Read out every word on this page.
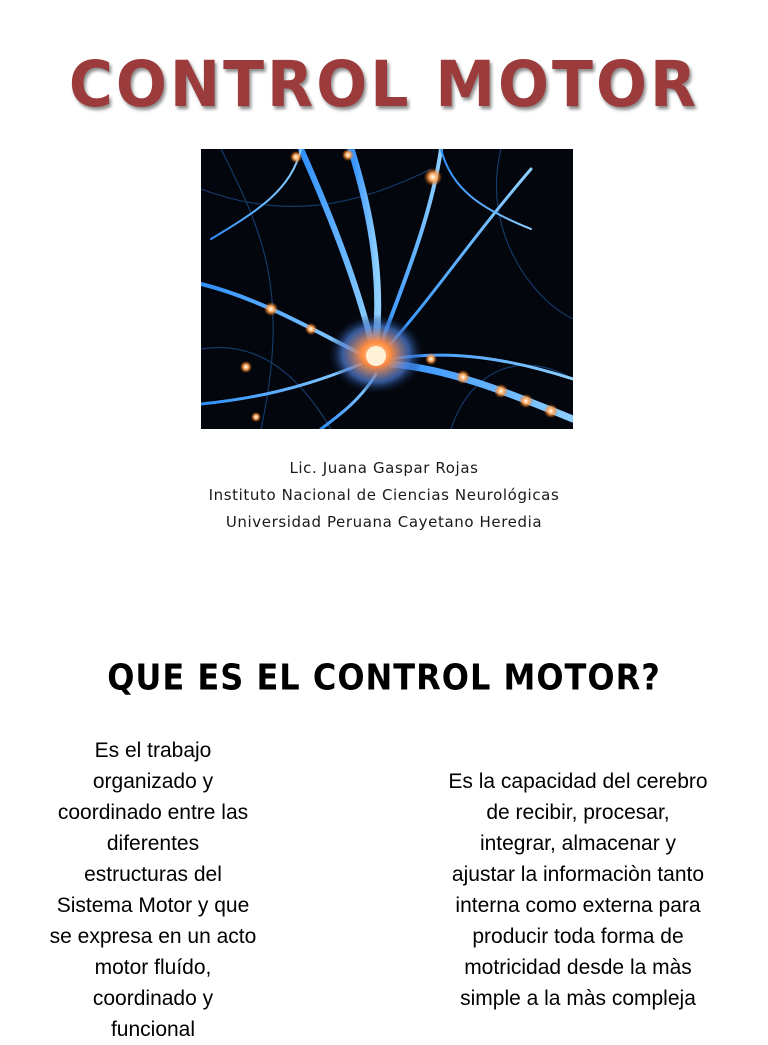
CONTROL MOTOR
Lic. Juana Gaspar Rojas
Instituto Nacional de Ciencias Neurológicas
Universidad Peruana Cayetano Heredia
QUE ES EL CONTROL MOTOR?
Es el trabajo
organizado y
coordinado entre las
diferentes
estructuras del
Sistema Motor y que
se expresa en un acto
motor fluído,
coordinado y
funcional
Es la capacidad del cerebro
de recibir, procesar,
integrar, almacenar y
ajustar la informaciòn tanto
interna como externa para
producir toda forma de
motricidad desde la màs
simple a la màs compleja
